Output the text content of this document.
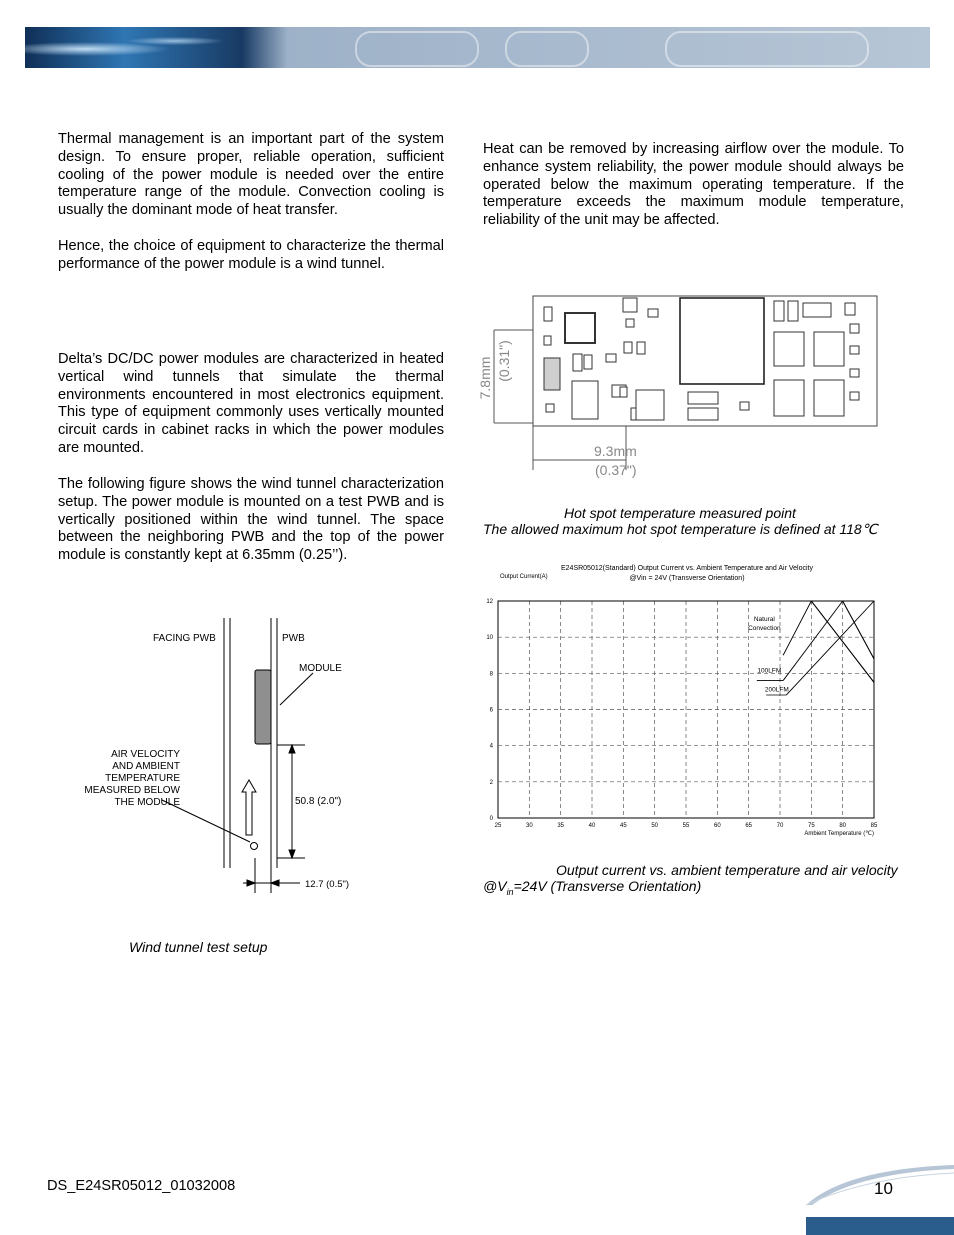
Thermal management is an important part of the system design. To ensure proper, reliable operation, sufficient cooling of the power module is needed over the entire temperature range of the module. Convection cooling is usually the dominant mode of heat transfer.

Hence, the choice of equipment to characterize the thermal performance of the power module is a wind tunnel.

Delta’s DC/DC power modules are characterized in heated vertical wind tunnels that simulate the thermal environments encountered in most electronics equipment. This type of equipment commonly uses vertically mounted circuit cards in cabinet racks in which the power modules are mounted.

The following figure shows the wind tunnel characterization setup. The power module is mounted on a test PWB and is vertically positioned within the wind tunnel. The space between the neighboring PWB and the top of the power module is constantly kept at 6.35mm (0.25’’).

Heat can be removed by increasing airflow over the module. To enhance system reliability, the power module should always be operated below the maximum operating temperature. If the temperature exceeds the maximum module temperature, reliability of the unit may be affected.

FACING PWB	PWB
MODULE
AIR VELOCITY
AND AMBIENT
TEMPERATURE
MEASURED BELOW
THE MODULE	50.8 (2.0")
12.7 (0.5")

Wind tunnel test setup

7.8mm (0.31")
9.3mm
(0.37")

Hot spot temperature measured point

The allowed maximum hot spot temperature is defined at 118℃

E24SR05012(Standard) Output Current vs. Ambient Temperature and Air Velocity
@Vin = 24V (Transverse Orientation)
Output Current(A)
Ambient Temperature (℃)
25	30	35	40	45	50	55	60	65	70	75	80	85
0
2
4
6
8
10
12
Natural
Convection
100LFM
200LFM

Output current vs. ambient temperature and air velocity

$@V_{in}=24V$ (Transverse Orientation)

DS_E24SR05012_01032008	10
